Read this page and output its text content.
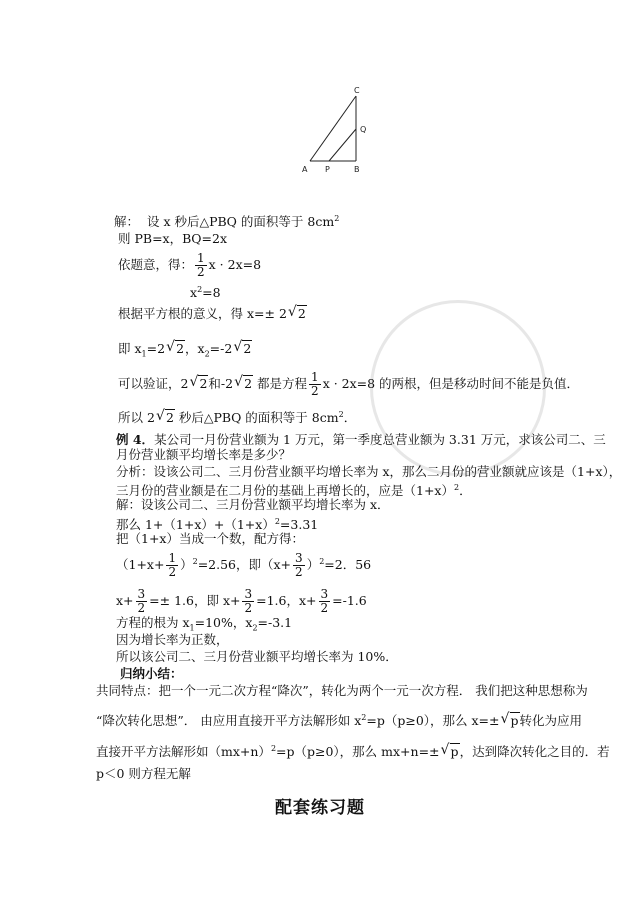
C
Q
A P	B
解： 设 x 秒后△PBQ 的面积等于 $8cm^2$
则 PB=x，BQ=2x
依题意，得： $\frac{1}{2}$ x · 2x=8
$x^2=8$
根据平方根的意义，得 x=± 2√ 2
即 $x_1=2√$ 2，$x_2=-2√$ 2
可以验证，2√ 2和-2√ 2 都是方程 $\frac{1}{2}$ x · 2x=8 的两根，但是移动时间不能是负值．
所以 2√ 2 秒后△PBQ 的面积等于 $8cm^2$．
例 4．某公司一月份营业额为 1 万元，第一季度总营业额为 3.31 万元，求该公司二、三
月份营业额平均增长率是多少？
分析：设该公司二、三月份营业额平均增长率为 x，那么二月份的营业额就应该是（1+x），
三月份的营业额是在二月份的基础上再增长的，应是$(1+x)^2$．
解：设该公司二、三月份营业额平均增长率为 x．
那么 $1+(1+x)+(1+x)^2=3.31$
把（1+x）当成一个数，配方得：
$(1+x+ \frac{1}{2} )^2=2.56$，即$(x+ \frac{3}{2} )^2=2$．56
$x+ \frac{3}{2} =\pm 1.6$，即 $x+ \frac{3}{2} =1.6$，$x+ \frac{3}{2} =-1.6$
方程的根为 $x_1=10\%$，$x_2=-3.1$
因为增长率为正数，
所以该公司二、三月份营业额平均增长率为 10%．
归纳小结：
共同特点：把一个一元二次方程“降次”，转化为两个一元一次方程． 我们把这种思想称为
“降次转化思想”． 由应用直接开平方法解形如 $x^2=p(p\ge 0)$，那么 x=±√ p转化为应用
直接开平方法解形如$(mx+n)^2=p(p\ge 0)$，那么 mx+n=±√ p，达到降次转化之目的．若
p＜0 则方程无解
配套练习题
